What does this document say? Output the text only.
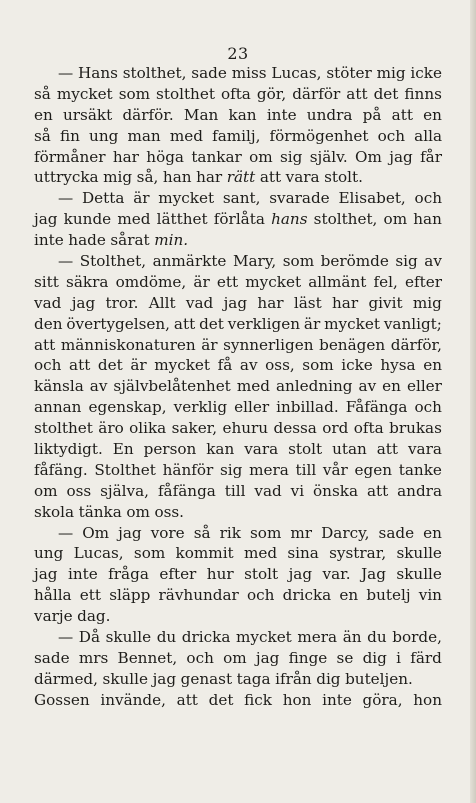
23
— Hans stolthet, sade miss Lucas, stöter mig icke
så mycket som stolthet ofta gör, därför att det finns
en ursäkt därför. Man kan inte undra på att en
så fin ung man med familj, förmögenhet och alla
förmåner har höga tankar om sig själv. Om jag får
uttrycka mig så, han har rätt att vara stolt.
— Detta är mycket sant, svarade Elisabet, och
jag kunde med lätthet förlåta hans stolthet, om han
inte hade sårat min.
— Stolthet, anmärkte Mary, som berömde sig av
sitt säkra omdöme, är ett mycket allmänt fel, efter
vad jag tror. Allt vad jag har läst har givit mig
den övertygelsen, att det verkligen är mycket vanligt;
att människonaturen är synnerligen benägen därför,
och att det är mycket få av oss, som icke hysa en
känsla av självbelåtenhet med anledning av en eller
annan egenskap, verklig eller inbillad. Fåfänga och
stolthet äro olika saker, ehuru dessa ord ofta brukas
liktydigt. En person kan vara stolt utan att vara
fåfäng. Stolthet hänför sig mera till vår egen tanke
om oss själva, fåfänga till vad vi önska att andra
skola tänka om oss.
— Om jag vore så rik som mr Darcy, sade en
ung Lucas, som kommit med sina systrar, skulle
jag inte fråga efter hur stolt jag var. Jag skulle
hålla ett släpp rävhundar och dricka en butelj vin
varje dag.
— Då skulle du dricka mycket mera än du borde,
sade mrs Bennet, och om jag finge se dig i färd
därmed, skulle jag genast taga ifrån dig buteljen.
Gossen invände, att det fick hon inte göra, hon
